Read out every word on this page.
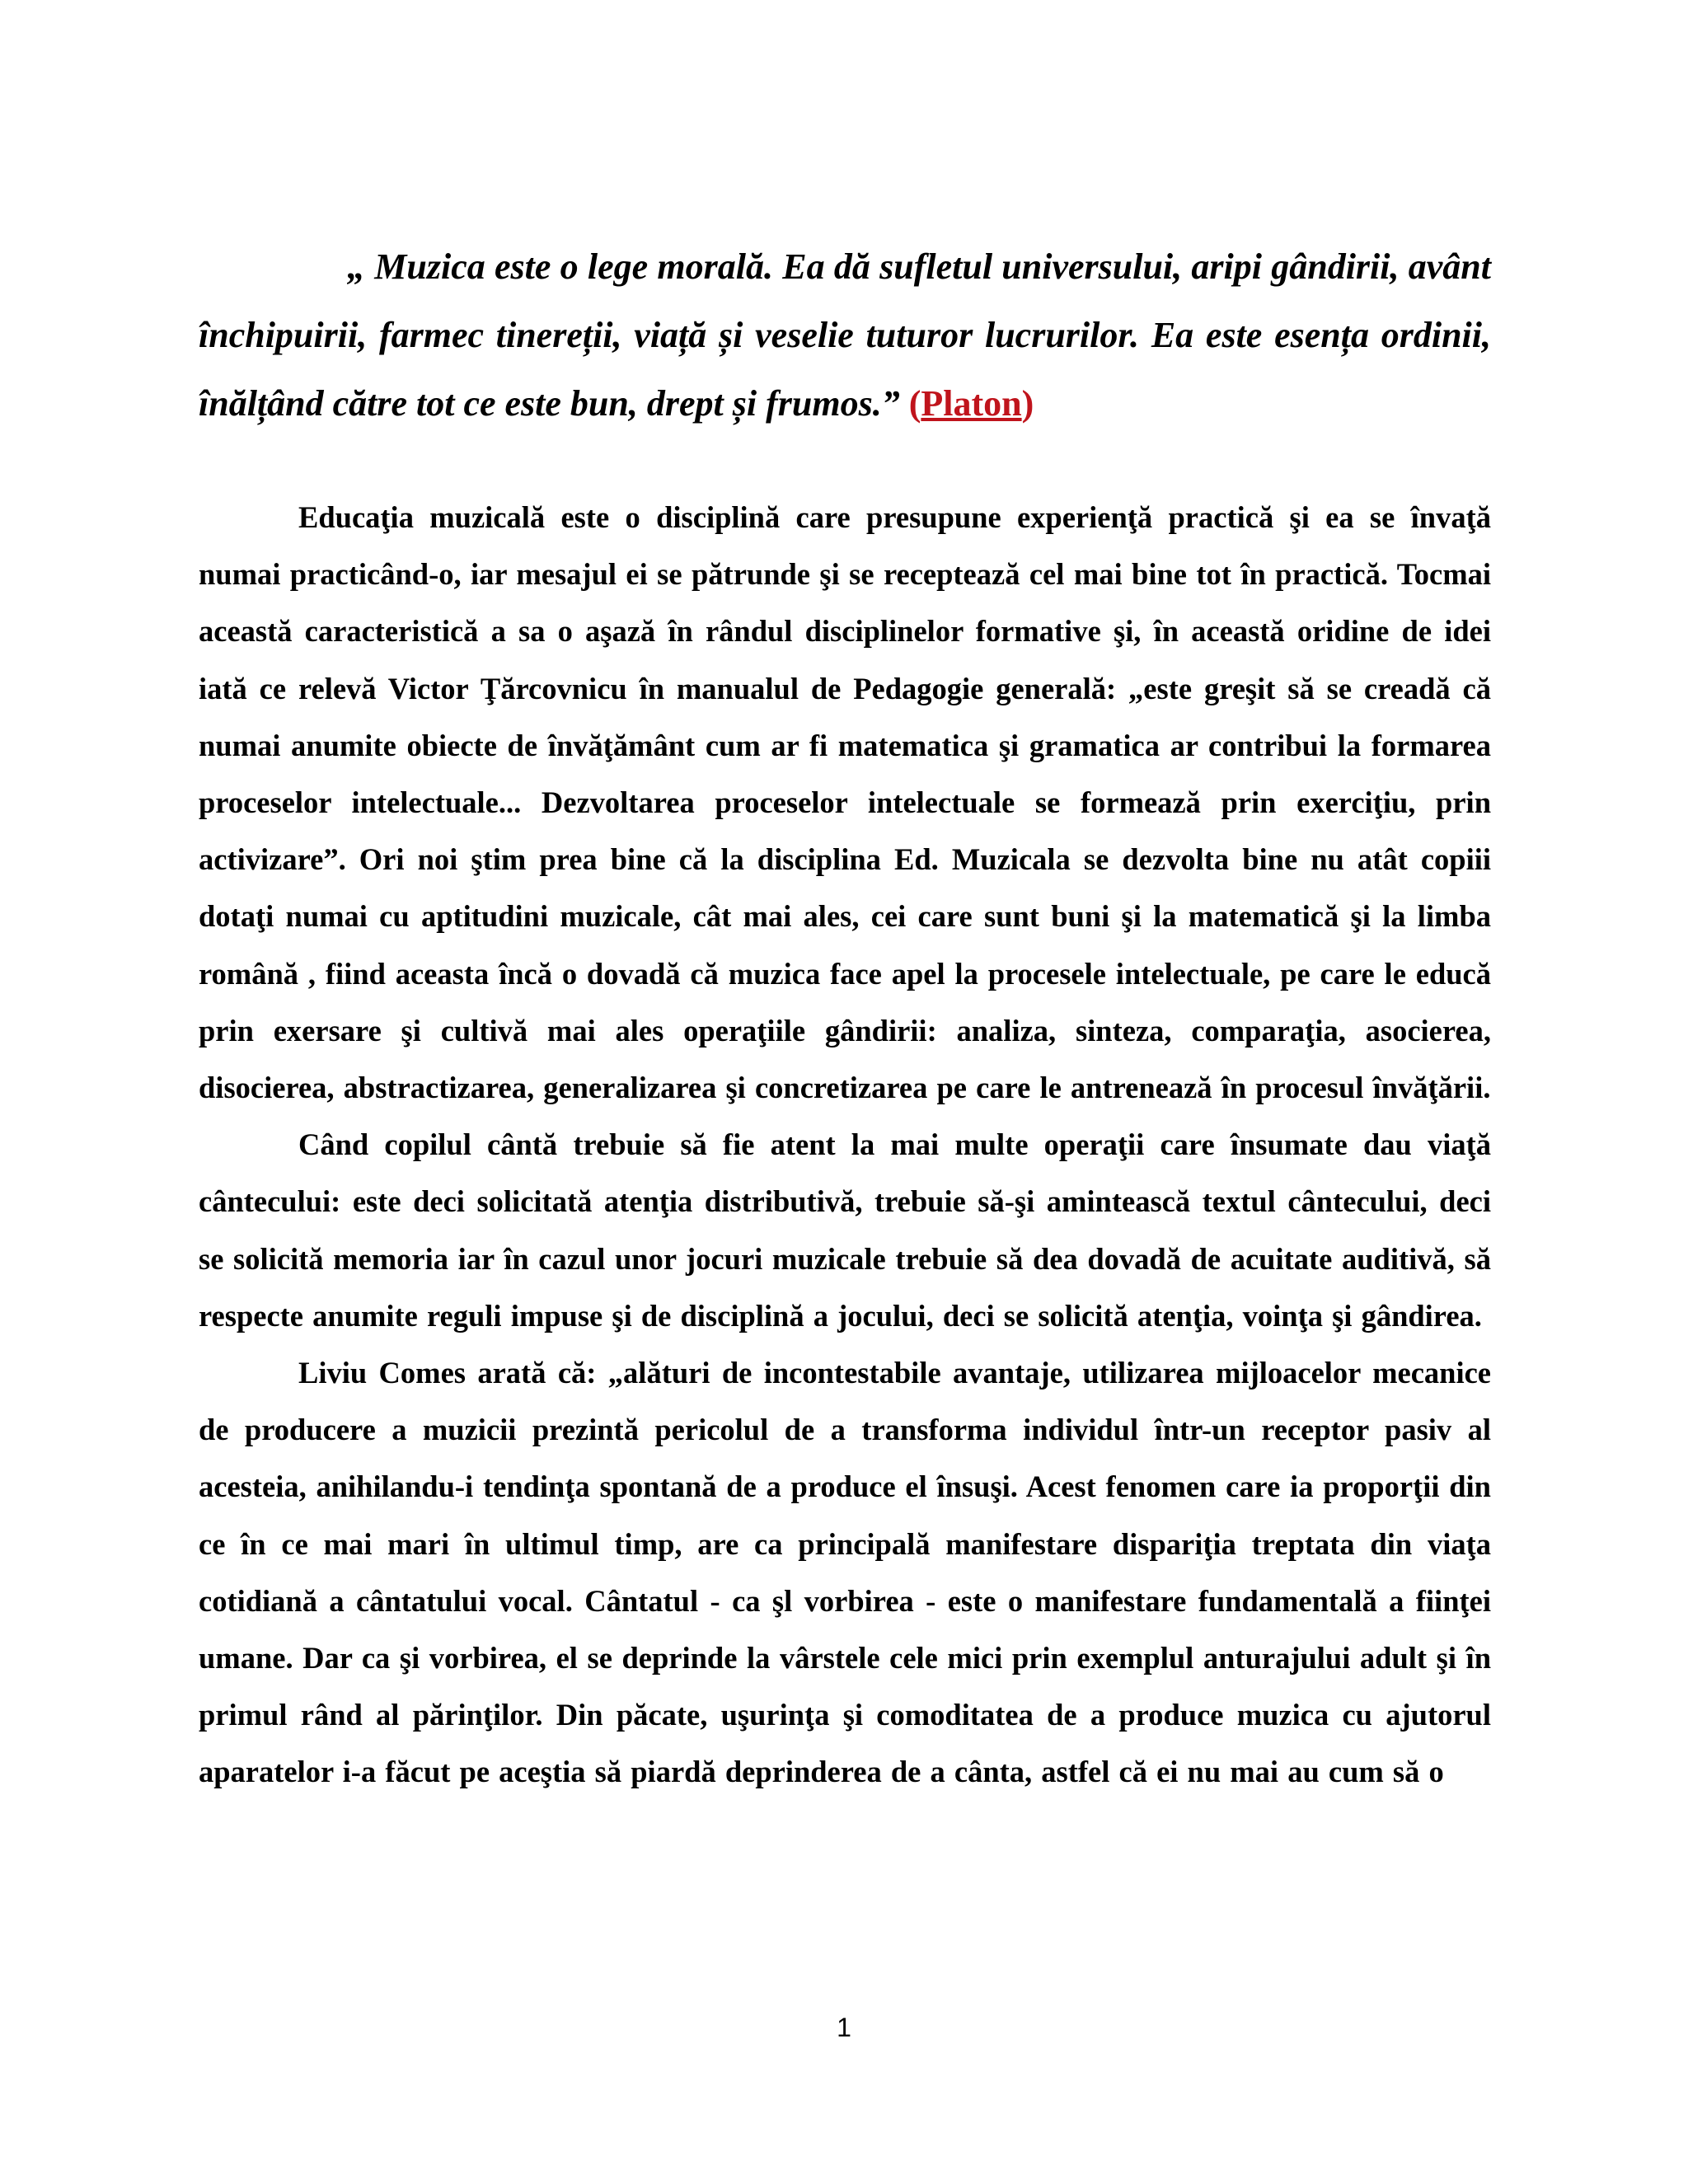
„ Muzica este o lege morală. Ea dă sufletul universului, aripi gândirii, avânt închipuirii, farmec tinereții, viață și veselie tuturor lucrurilor. Ea este esența ordinii, înălțând către tot ce este bun, drept și frumos.” (Platon)

Educaţia muzicală este o disciplină care presupune experienţă practică şi ea se învaţă numai practicând-o, iar mesajul ei se pătrunde şi se receptează cel mai bine tot în practică. Tocmai această caracteristică a sa o aşază în rândul disciplinelor formative şi, în această oridine de idei iată ce relevă Victor Ţărcovnicu în manualul de Pedagogie generală: „este greşit să se creadă că numai anumite obiecte de învăţământ cum ar fi matematica şi gramatica ar contribui la formarea proceselor intelectuale... Dezvoltarea proceselor intelectuale se formează prin exerciţiu, prin activizare”. Ori noi ştim prea bine că la disciplina Ed. Muzicala se dezvolta bine nu atât copiii dotaţi numai cu aptitudini muzicale, cât mai ales, cei care sunt buni şi la matematică şi la limba română , fiind aceasta încă o dovadă că muzica face apel la procesele intelectuale, pe care le educă prin exersare şi cultivă mai ales operaţiile gândirii: analiza, sinteza, comparaţia, asocierea, disocierea, abstractizarea, generalizarea şi concretizarea pe care le antrenează în procesul învăţării.

Când copilul cântă trebuie să fie atent la mai multe operaţii care însumate dau viaţă cântecului: este deci solicitată atenţia distributivă, trebuie să-şi amintească textul cântecului, deci se solicită memoria iar în cazul unor jocuri muzicale trebuie să dea dovadă de acuitate auditivă, să respecte anumite reguli impuse şi de disciplină a jocului, deci se solicită atenţia, voinţa şi gândirea.

Liviu Comes arată că: „alături de incontestabile avantaje, utilizarea mijloacelor mecanice de producere a muzicii prezintă pericolul de a transforma individul într-un receptor pasiv al acesteia, anihilandu-i tendinţa spontană de a produce el însuşi. Acest fenomen care ia proporţii din ce în ce mai mari în ultimul timp, are ca principală manifestare dispariţia treptata din viaţa cotidiană a cântatului vocal. Cântatul - ca şl vorbirea - este o manifestare fundamentală a fiinţei umane. Dar ca şi vorbirea, el se deprinde la vârstele cele mici prin exemplul anturajului adult şi în primul rând al părinţilor. Din păcate, uşurinţa şi comoditatea de a produce muzica cu ajutorul aparatelor i-a făcut pe aceştia să piardă deprinderea de a cânta, astfel că ei nu mai au cum să o

1
